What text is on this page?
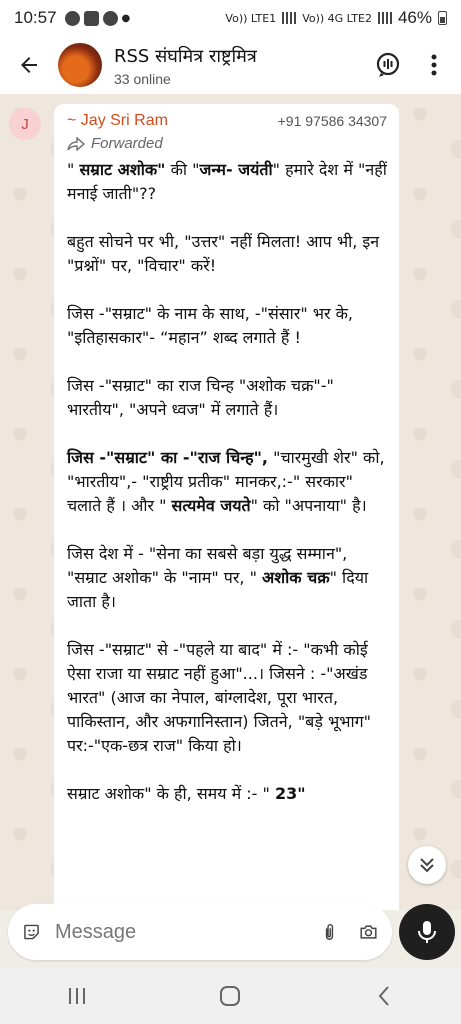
10:57	●	Vo)) LTE1 Vo)) 4G LTE2 46%
RSS संघमित्र राष्ट्रमित्र
33 online
J	~ Jay Sri Ram	+91 97586 34307
Forwarded
" सम्राट अशोक" की "जन्म- जयंती" हमारे देश में "नहीं मनाई जाती"??
बहुत सोचने पर भी, "उत्तर" नहीं मिलता! आप भी, इन "प्रश्नों" पर, "विचार" करें!
जिस -"सम्राट" के नाम के साथ, -"संसार" भर के, "इतिहासकार"- “महान” शब्द लगाते हैं !
जिस -"सम्राट" का राज चिन्ह "अशोक चक्र"-" भारतीय", "अपने ध्वज" में लगाते हैं।
जिस -"सम्राट" का -"राज चिन्ह", "चारमुखी शेर" को, "भारतीय",- "राष्ट्रीय प्रतीक" मानकर,:-" सरकार" चलाते हैं । और " सत्यमेव जयते" को "अपनाया" है।
जिस देश में - "सेना का सबसे बड़ा युद्ध सम्मान", "सम्राट अशोक" के "नाम" पर, " अशोक चक्र" दिया जाता है।
जिस -"सम्राट" से -"पहले या बाद" में :- "कभी कोई ऐसा राजा या सम्राट नहीं हुआ"...। जिसने : -"अखंड भारत" (आज का नेपाल, बांग्लादेश, पूरा भारत, पाकिस्तान, और अफगानिस्तान) जितने, "बड़े भूभाग" पर:-"एक-छत्र राज" किया हो।
सम्राट अशोक" के ही, समय में :- " 23"
Message
